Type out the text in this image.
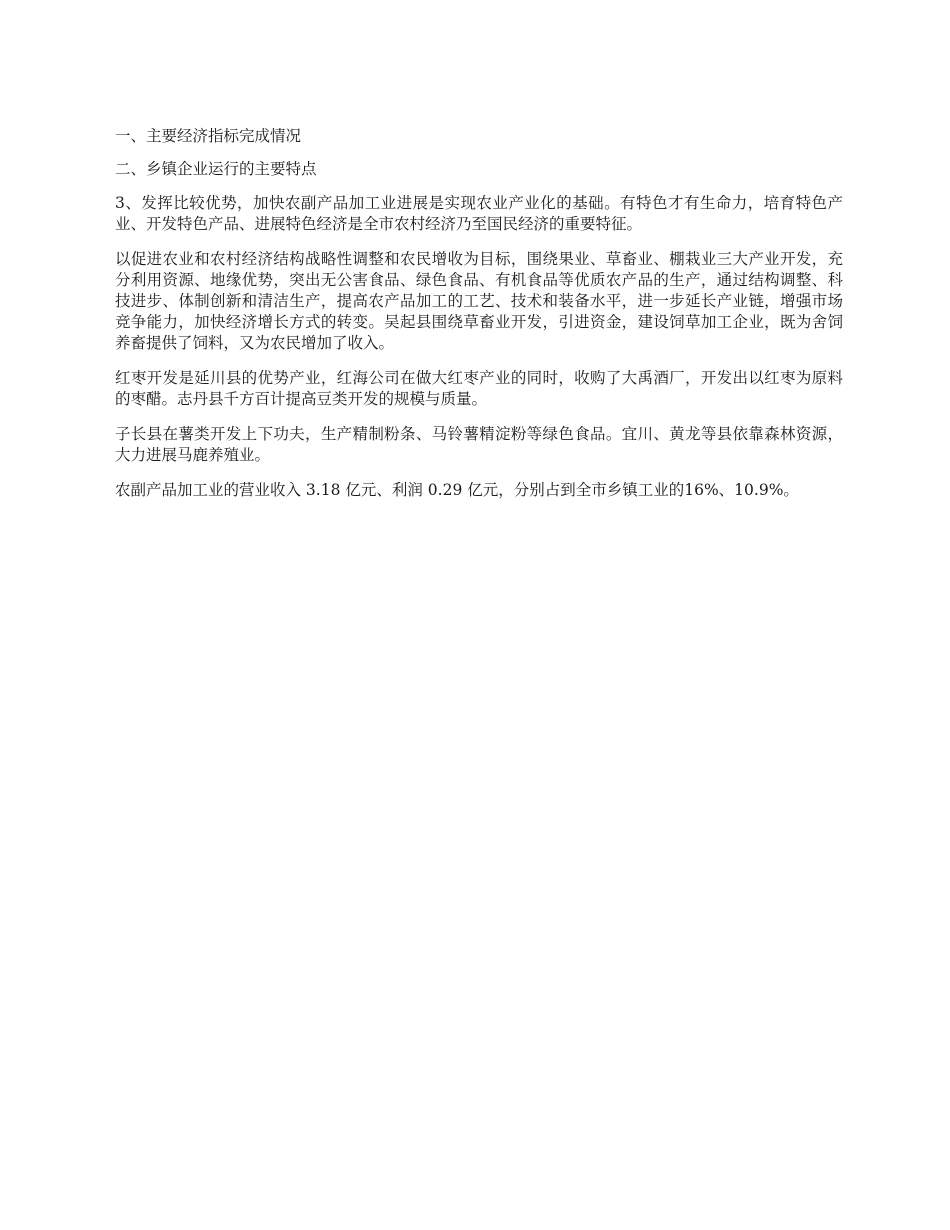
一、主要经济指标完成情况

二、乡镇企业运行的主要特点

3、发挥比较优势，加快农副产品加工业进展是实现农业产业化的基础。有特色才有生命力，培育特色产业、开发特色产品、进展特色经济是全市农村经济乃至国民经济的重要特征。

以促进农业和农村经济结构战略性调整和农民增收为目标，围绕果业、草畜业、棚栽业三大产业开发，充分利用资源、地缘优势，突出无公害食品、绿色食品、有机食品等优质农产品的生产，通过结构调整、科技进步、体制创新和清洁生产，提高农产品加工的工艺、技术和装备水平，进一步延长产业链，增强市场竞争能力，加快经济增长方式的转变。吴起县围绕草畜业开发，引进资金，建设饲草加工企业，既为舍饲养畜提供了饲料，又为农民增加了收入。

红枣开发是延川县的优势产业，红海公司在做大红枣产业的同时，收购了大禹酒厂，开发出以红枣为原料的枣醋。志丹县千方百计提高豆类开发的规模与质量。

子长县在薯类开发上下功夫，生产精制粉条、马铃薯精淀粉等绿色食品。宜川、黄龙等县依靠森林资源，大力进展马鹿养殖业。

农副产品加工业的营业收入 3.18 亿元、利润 0.29 亿元，分别占到全市乡镇工业的16%、10.9%。
